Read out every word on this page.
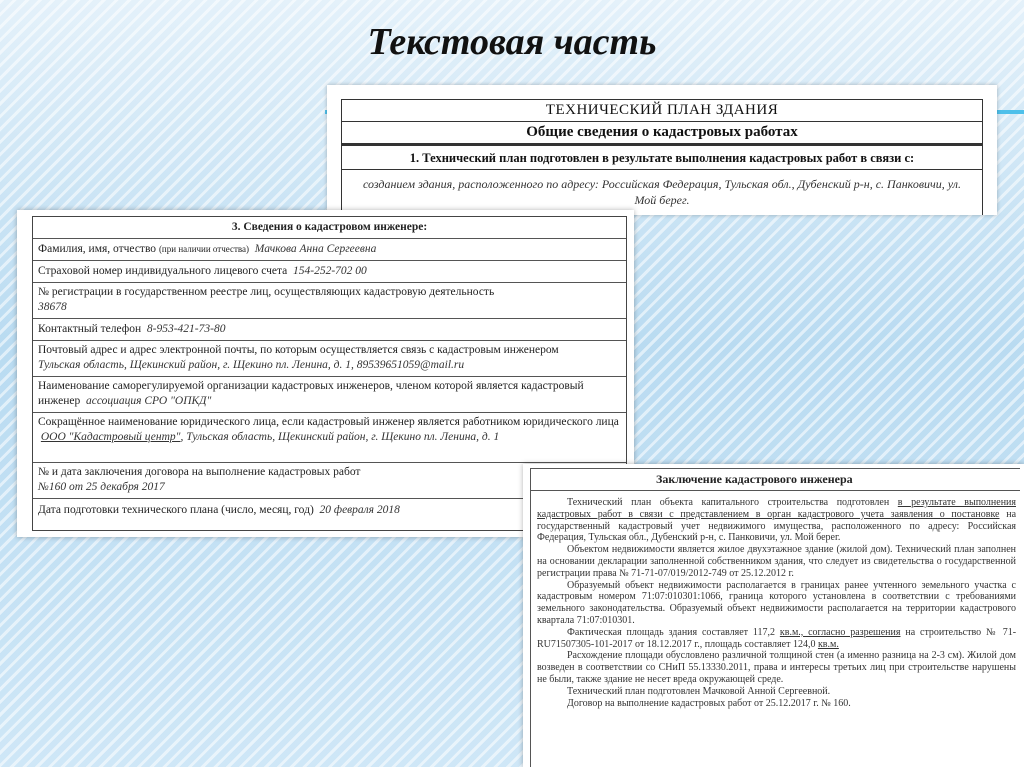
Текстовая часть
ТЕХНИЧЕСКИЙ ПЛАН ЗДАНИЯ
Общие сведения о кадастровых работах
1. Технический план подготовлен в результате выполнения кадастровых работ в связи с:
созданием здания, расположенного по адресу: Российская Федерация, Тульская обл., Дубенский р-н, с. Панковичи, ул. Мой берег.
3. Сведения о кадастровом инженере:
Фамилия, имя, отчество (при наличии отчества) Мачкова Анна Сергеевна
Страховой номер индивидуального лицевого счета 154-252-702 00
№ регистрации в государственном реестре лиц, осуществляющих кадастровую деятельность
38678
Контактный телефон 8-953-421-73-80
Почтовый адрес и адрес электронной почты, по которым осуществляется связь с кадастровым инженером
Тульская область, Щекинский район, г. Щекино пл. Ленина, д. 1, 89539651059@mail.ru
Наименование саморегулируемой организации кадастровых инженеров, членом которой является кадастровый инженер ассоциация СРО "ОПКД"
Сокращённое наименование юридического лица, если кадастровый инженер является работником юридического лица  ООО "Кадастровый центр", Тульская область, Щекинский район, г. Щекино пл. Ленина, д. 1
№ и дата заключения договора на выполнение кадастровых работ
№160 от 25 декабря 2017
Дата подготовки технического плана (число, месяц, год) 20 февраля 2018
Заключение кадастрового инженера

Технический план объекта капитального строительства подготовлен в результате выполнения кадастровых работ в связи с представлением в орган кадастрового учета заявления о постановке на государственный кадастровый учет недвижимого имущества, расположенного по адресу: Российская Федерация, Тульская обл., Дубенский р-н, с. Панковичи, ул. Мой берег.

Объектом недвижимости является жилое двухэтажное здание (жилой дом). Технический план заполнен на основании декларации заполненной собственником здания, что следует из свидетельства о государственной регистрации права № 71-71-07/019/2012-749 от 25.12.2012 г.

Образуемый объект недвижимости располагается в границах ранее учтенного земельного участка с кадастровым номером 71:07:010301:1066, граница которого установлена в соответствии с требованиями земельного законодательства. Образуемый объект недвижимости располагается на территории кадастрового квартала 71:07:010301.

Фактическая площадь здания составляет 117,2 кв.м., согласно разрешения на строительство № 71-RU71507305-101-2017 от 18.12.2017 г., площадь составляет 124,0 кв.м.

Расхождение площади обусловлено различной толщиной стен (а именно разница на 2-3 см). Жилой дом возведен в соответствии со СНиП 55.13330.2011, права и интересы третьих лиц при строительстве нарушены не были, также здание не несет вреда окружающей среде.

Технический план подготовлен Мачковой Анной Сергеевной.

Договор на выполнение кадастровых работ от 25.12.2017 г. № 160.
